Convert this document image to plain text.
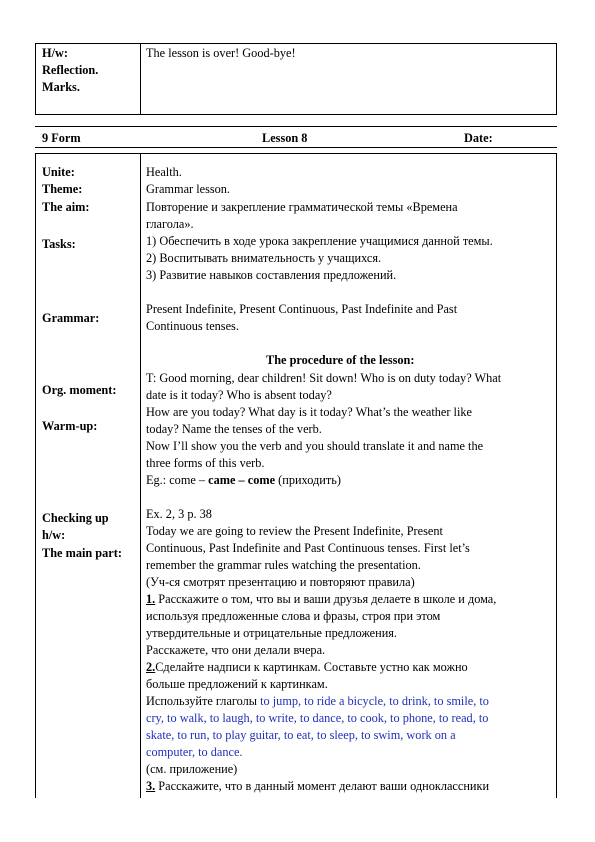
H/w:
Reflection.
Marks.
The lesson is over! Good-bye!
9 Form	Lesson 8	Date:
Unite:
Theme:
The aim:
Tasks:
Grammar:
Org. moment:
Warm-up:
Checking up
h/w:
The main part:
Health.
Grammar lesson.
Повторение и закрепление грамматической темы «Времена
глагола».
1) Обеспечить в ходе урока закрепление учащимися данной темы.
2) Воспитывать внимательность у учащихся.
3) Развитие навыков составления предложений.
Present Indefinite, Present Continuous, Past Indefinite and Past
Continuous tenses.
The procedure of the lesson:
T: Good morning, dear children! Sit down! Who is on duty today? What
date is it today? Who is absent today?
How are you today? What day is it today? What’s the weather like
today? Name the tenses of the verb.
Now I’ll show you the verb and you should translate it and name the
three forms of this verb.
Eg.: come – came – come (приходить)
Ex. 2, 3 p. 38
Today we are going to review the Present Indefinite, Present
Continuous, Past Indefinite and Past Continuous tenses. First let’s
remember the grammar rules watching the presentation.
(Уч-ся смотрят презентацию и повторяют правила)
1. Расскажите о том, что вы и ваши друзья делаете в школе и дома,
используя предложенные слова и фразы, строя при этом
утвердительные и отрицательные предложения.
Расскажете, что они делали вчера.
2.Сделайте надписи к картинкам. Составьте устно как можно
больше предложений к картинкам.
Используйте глаголы to jump, to ride a bicycle, to drink, to smile, to
cry, to walk, to laugh, to write, to dance, to cook, to phone, to read, to
skate, to run, to play guitar, to eat, to sleep, to swim, work on a
computer, to dance.
(см. приложение)
3. Расскажите, что в данный момент делают ваши одноклассники
